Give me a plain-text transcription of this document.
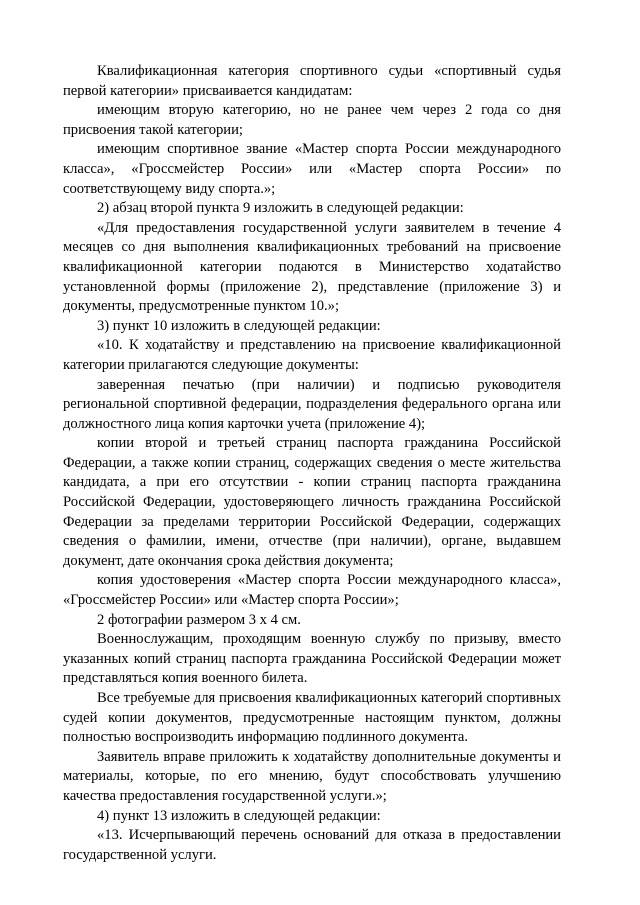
Квалификационная категория спортивного судьи «спортивный судья первой категории» присваивается кандидатам:

имеющим вторую категорию, но не ранее чем через 2 года со дня присвоения такой категории;

имеющим спортивное звание «Мастер спорта России международного класса», «Гроссмейстер России» или «Мастер спорта России» по соответствующему виду спорта.»;

2) абзац второй пункта 9 изложить в следующей редакции:

«Для предоставления государственной услуги заявителем в течение 4 месяцев со дня выполнения квалификационных требований на присвоение квалификационной категории подаются в Министерство ходатайство установленной формы (приложение 2), представление (приложение 3) и документы, предусмотренные пунктом 10.»;

3) пункт 10 изложить в следующей редакции:

«10. К ходатайству и представлению на присвоение квалификационной категории прилагаются следующие документы:

заверенная печатью (при наличии) и подписью руководителя региональной спортивной федерации, подразделения федерального органа или должностного лица копия карточки учета (приложение 4);

копии второй и третьей страниц паспорта гражданина Российской Федерации, а также копии страниц, содержащих сведения о месте жительства кандидата, а при его отсутствии - копии страниц паспорта гражданина Российской Федерации, удостоверяющего личность гражданина Российской Федерации за пределами территории Российской Федерации, содержащих сведения о фамилии, имени, отчестве (при наличии), органе, выдавшем документ, дате окончания срока действия документа;

копия удостоверения «Мастер спорта России международного класса», «Гроссмейстер России» или «Мастер спорта России»;

2 фотографии размером 3 х 4 см.

Военнослужащим, проходящим военную службу по призыву, вместо указанных копий страниц паспорта гражданина Российской Федерации может представляться копия военного билета.

Все требуемые для присвоения квалификационных категорий спортивных судей копии документов, предусмотренные настоящим пунктом, должны полностью воспроизводить информацию подлинного документа.

Заявитель вправе приложить к ходатайству дополнительные документы и материалы, которые, по его мнению, будут способствовать улучшению качества предоставления государственной услуги.»;

4) пункт 13 изложить в следующей редакции:

«13. Исчерпывающий перечень оснований для отказа в предоставлении государственной услуги.
